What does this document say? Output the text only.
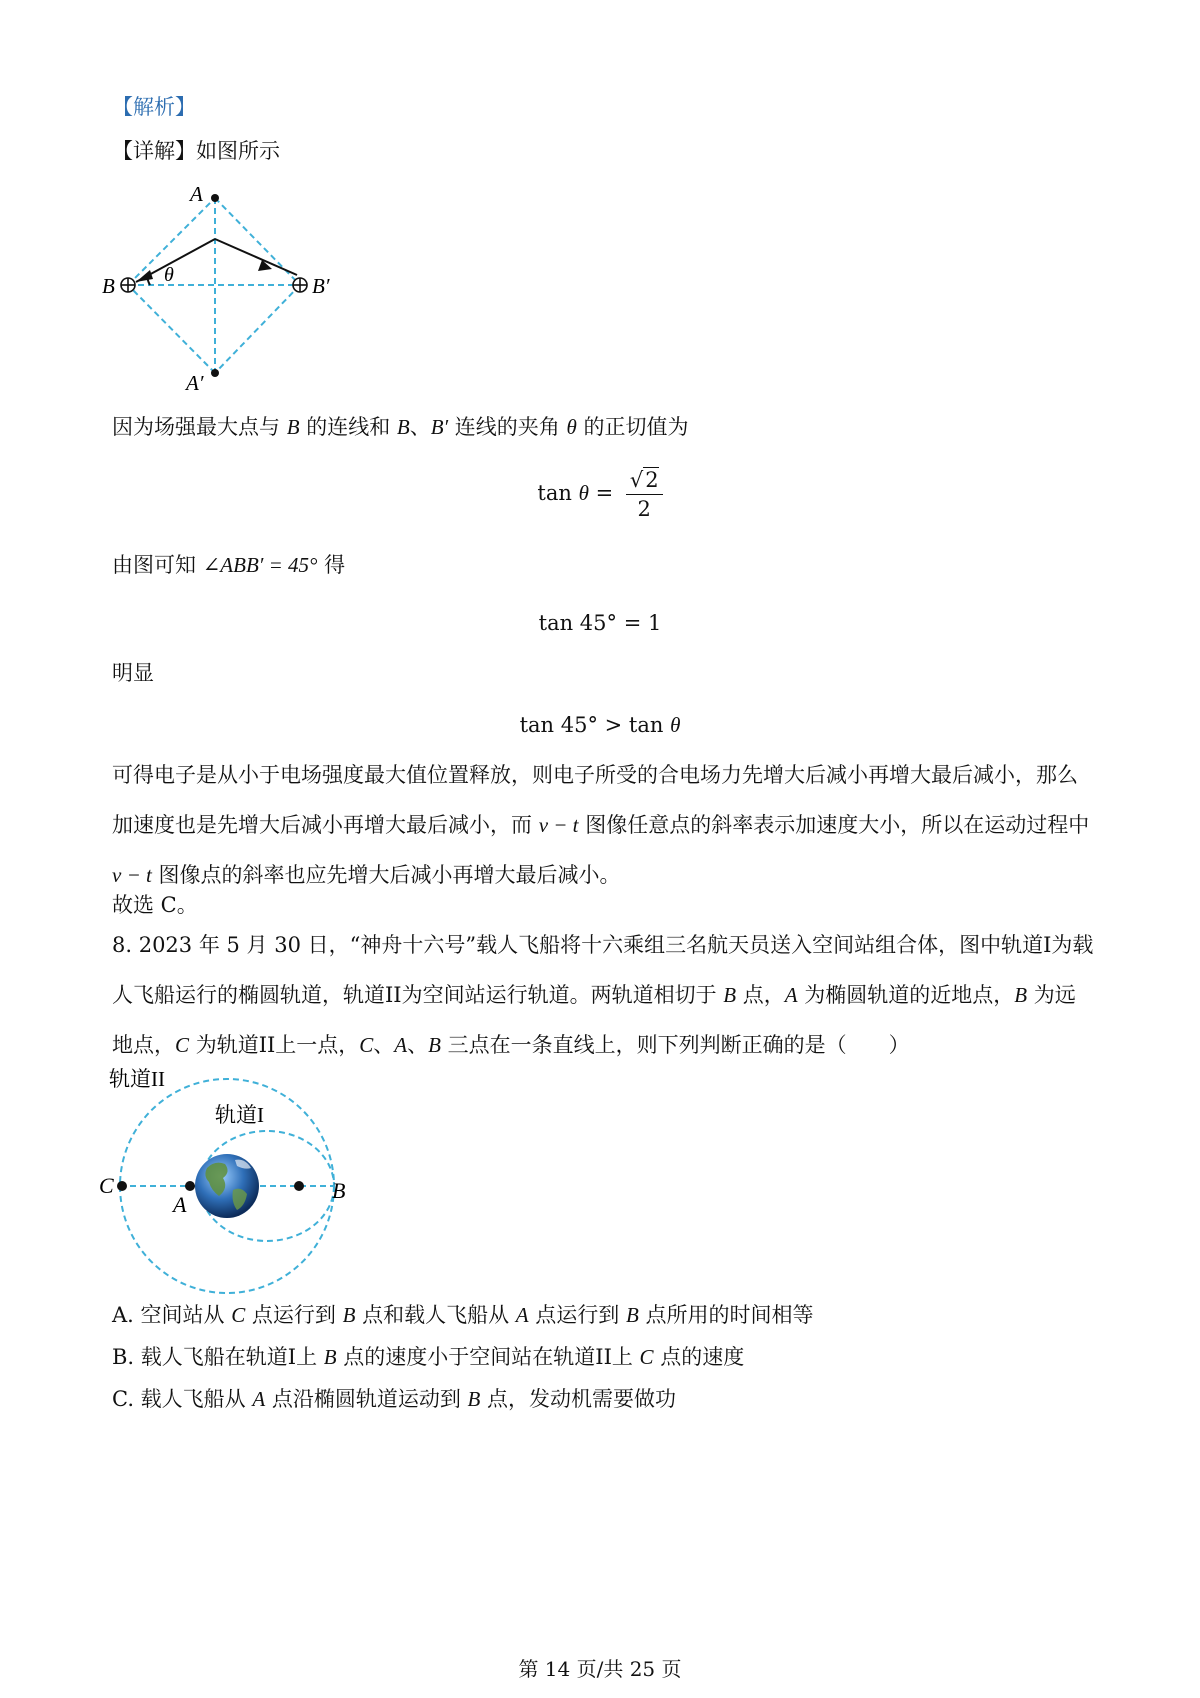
【解析】
【详解】如图所示
A
A′
B	B′
θ
因为场强最大点与 B 的连线和 B、B′ 连线的夹角 θ 的正切值为
$\tan \theta = \frac{√2}{2}$
由图可知 ∠ABB′ = 45° 得
tan 45° = 1
明显
tan 45° > tan θ
可得电子是从小于电场强度最大值位置释放，则电子所受的合电场力先增大后减小再增大最后减小，那么
加速度也是先增大后减小再增大最后减小，而 v − t 图像任意点的斜率表示加速度大小，所以在运动过程中
v − t 图像点的斜率也应先增大后减小再增大最后减小。
故选 C。
8. 2023 年 5 月 30 日，“神舟十六号”载人飞船将十六乘组三名航天员送入空间站组合体，图中轨道I为载
人飞船运行的椭圆轨道，轨道II为空间站运行轨道。两轨道相切于 B 点，A 为椭圆轨道的近地点，B 为远
地点，C 为轨道II上一点，C、A、B 三点在一条直线上，则下列判断正确的是（　　）
轨道II
轨道I
C
A
B
A. 空间站从 C 点运行到 B 点和载人飞船从 A 点运行到 B 点所用的时间相等
B. 载人飞船在轨道I上 B 点的速度小于空间站在轨道II上 C 点的速度
C. 载人飞船从 A 点沿椭圆轨道运动到 B 点，发动机需要做功
第 14 页/共 25 页
